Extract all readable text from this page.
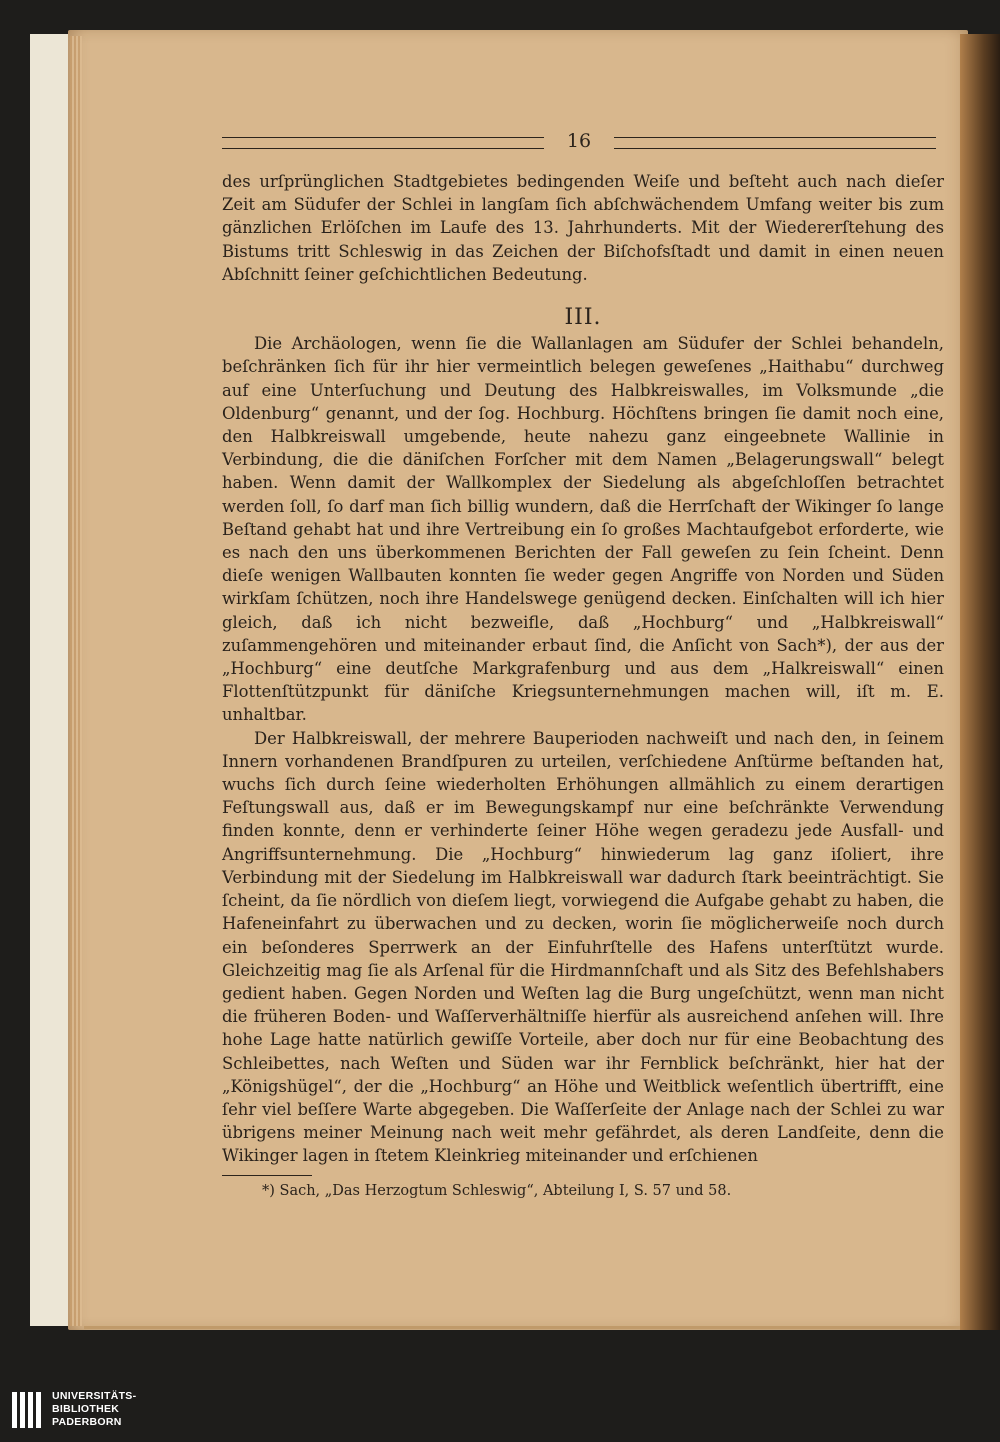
16

des urſprünglichen Stadtgebietes bedingenden Weiſe und beſteht auch nach dieſer Zeit am Südufer der Schlei in langſam ſich abſchwächendem Umfang weiter bis zum gänzlichen Erlöſchen im Laufe des 13. Jahrhunderts. Mit der Wiedererſtehung des Bistums tritt Schleswig in das Zeichen der Biſchofsſtadt und damit in einen neuen Abſchnitt ſeiner geſchichtlichen Bedeutung.

III.

Die Archäologen, wenn ſie die Wallanlagen am Südufer der Schlei behandeln, beſchränken ſich für ihr hier vermeintlich belegen geweſenes „Haithabu“ durchweg auf eine Unterſuchung und Deutung des Halbkreiswalles, im Volksmunde „die Oldenburg“ genannt, und der ſog. Hochburg. Höchſtens bringen ſie damit noch eine, den Halbkreiswall umgebende, heute nahezu ganz eingeebnete Wallinie in Verbindung, die die däniſchen Forſcher mit dem Namen „Belagerungswall“ belegt haben. Wenn damit der Wallkomplex der Siedelung als abgeſchloſſen betrachtet werden ſoll, ſo darf man ſich billig wundern, daß die Herrſchaft der Wikinger ſo lange Beſtand gehabt hat und ihre Vertreibung ein ſo großes Machtaufgebot erforderte, wie es nach den uns überkommenen Berichten der Fall geweſen zu ſein ſcheint. Denn dieſe wenigen Wallbauten konnten ſie weder gegen Angriffe von Norden und Süden wirkſam ſchützen, noch ihre Handelswege genügend decken. Einſchalten will ich hier gleich, daß ich nicht bezweifle, daß „Hochburg“ und „Halbkreiswall“ zuſammengehören und miteinander erbaut ſind, die Anſicht von Sach*), der aus der „Hochburg“ eine deutſche Markgrafenburg und aus dem „Halkreiswall“ einen Flottenſtützpunkt für däniſche Kriegsunternehmungen machen will, iſt m. E. unhaltbar.

Der Halbkreiswall, der mehrere Bauperioden nachweiſt und nach den, in ſeinem Innern vorhandenen Brandſpuren zu urteilen, verſchiedene Anſtürme beſtanden hat, wuchs ſich durch ſeine wiederholten Erhöhungen allmählich zu einem derartigen Feſtungswall aus, daß er im Bewegungskampf nur eine beſchränkte Verwendung finden konnte, denn er verhinderte ſeiner Höhe wegen geradezu jede Ausfall- und Angriffsunternehmung. Die „Hochburg“ hinwiederum lag ganz iſoliert, ihre Verbindung mit der Siedelung im Halbkreiswall war dadurch ſtark beeinträchtigt. Sie ſcheint, da ſie nördlich von dieſem liegt, vorwiegend die Aufgabe gehabt zu haben, die Hafeneinfahrt zu überwachen und zu decken, worin ſie möglicherweiſe noch durch ein beſonderes Sperrwerk an der Einfuhrſtelle des Hafens unterſtützt wurde. Gleichzeitig mag ſie als Arſenal für die Hirdmannſchaft und als Sitz des Befehlshabers gedient haben. Gegen Norden und Weſten lag die Burg ungeſchützt, wenn man nicht die früheren Boden- und Waſſerverhältniſſe hierfür als ausreichend anſehen will. Ihre hohe Lage hatte natürlich gewiſſe Vorteile, aber doch nur für eine Beobachtung des Schleibettes, nach Weſten und Süden war ihr Fernblick beſchränkt, hier hat der „Königshügel“, der die „Hochburg“ an Höhe und Weitblick weſentlich übertrifft, eine ſehr viel beſſere Warte abgegeben. Die Waſſerſeite der Anlage nach der Schlei zu war übrigens meiner Meinung nach weit mehr gefährdet, als deren Landſeite, denn die Wikinger lagen in ſtetem Kleinkrieg miteinander und erſchienen

*) Sach, „Das Herzogtum Schleswig“, Abteilung I, S. 57 und 58.

UNIVERSITÄTS-
BIBLIOTHEK
PADERBORN
